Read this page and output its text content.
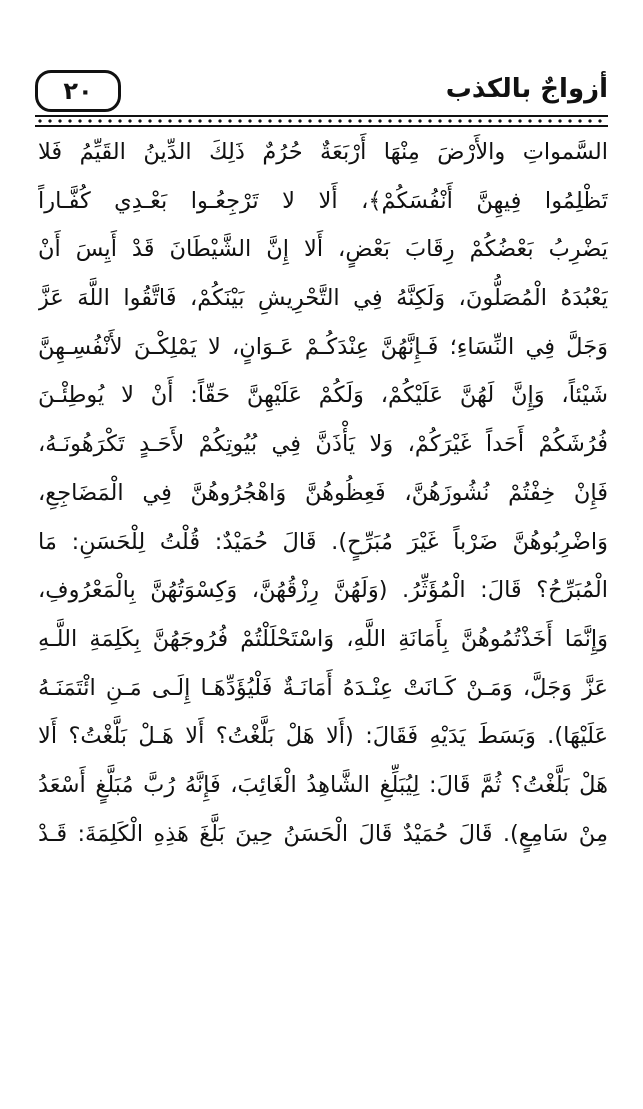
٢٠	أزواجٌ بالكذب
السَّمواتِ والأَرْضَ مِنْهَا أَرْبَعَةٌ حُرُمٌ ذَلِكَ الدِّينُ القَيِّمُ فَلا
تَظْلِمُوا فِيهِنَّ أَنْفُسَكُمْ﴾، أَلا لا تَرْجِعُـوا بَعْـدِي كُفَّـاراً
يَضْرِبُ بَعْضُكُمْ رِقَابَ بَعْضٍ، أَلا إِنَّ الشَّيْطَانَ قَدْ أَيِسَ أَنْ
يَعْبُدَهُ الْمُصَلُّونَ، وَلَكِنَّهُ فِي التَّحْرِيشِ بَيْنَكُمْ، فَاتَّقُوا اللَّهَ عَزَّ
وَجَلَّ فِي النِّسَاءِ؛ فَـإِنَّهُنَّ عِنْدَكُـمْ عَـوَانٍ، لا يَمْلِكْـنَ لأَنْفُسِـهِنَّ
شَيْئاً، وَإِنَّ لَهُنَّ عَلَيْكُمْ، وَلَكُمْ عَلَيْهِنَّ حَقّاً: أَنْ لا يُوطِئْـنَ
فُرُشَكُمْ أَحَداً غَيْرَكُمْ، وَلا يَأْذَنَّ فِي بُيُوتِكُمْ لأَحَـدٍ تَكْرَهُونَـهُ،
فَإِنْ خِفْتُمْ نُشُوزَهُنَّ، فَعِظُوهُنَّ وَاهْجُرُوهُنَّ فِي الْمَضَاجِعِ،
وَاضْرِبُوهُنَّ ضَرْباً غَيْرَ مُبَرِّحٍ). قَالَ حُمَيْدٌ: قُلْتُ لِلْحَسَنِ: مَا
الْمُبَرِّحُ؟ قَالَ: الْمُؤَثِّرُ. (وَلَهُنَّ رِزْقُهُنَّ، وَكِسْوَتُهُنَّ بِالْمَعْرُوفِ،
وَإِنَّمَا أَخَذْتُمُوهُنَّ بِأَمَانَةِ اللَّهِ، وَاسْتَحْلَلْتُمْ فُرُوجَهُنَّ بِكَلِمَةِ اللَّـهِ
عَزَّ وَجَلَّ، وَمَـنْ كَـانَتْ عِنْـدَهُ أَمَانَـةٌ فَلْيُؤَدِّهَـا إِلَـى مَـنِ ائْتَمَنَـهُ
عَلَيْهَا). وَبَسَطَ يَدَيْهِ فَقَالَ: (أَلا هَلْ بَلَّغْتُ؟ أَلا هَـلْ بَلَّغْتُ؟ أَلا
هَلْ بَلَّغْتُ؟ ثُمَّ قَالَ: لِيُبَلِّغِ الشَّاهِدُ الْغَائِبَ، فَإِنَّهُ رُبَّ مُبَلَّغٍ أَسْعَدُ
مِنْ سَامِعٍ). قَالَ حُمَيْدٌ قَالَ الْحَسَنُ حِينَ بَلَّغَ هَذِهِ الْكَلِمَةَ: قَـدْ
